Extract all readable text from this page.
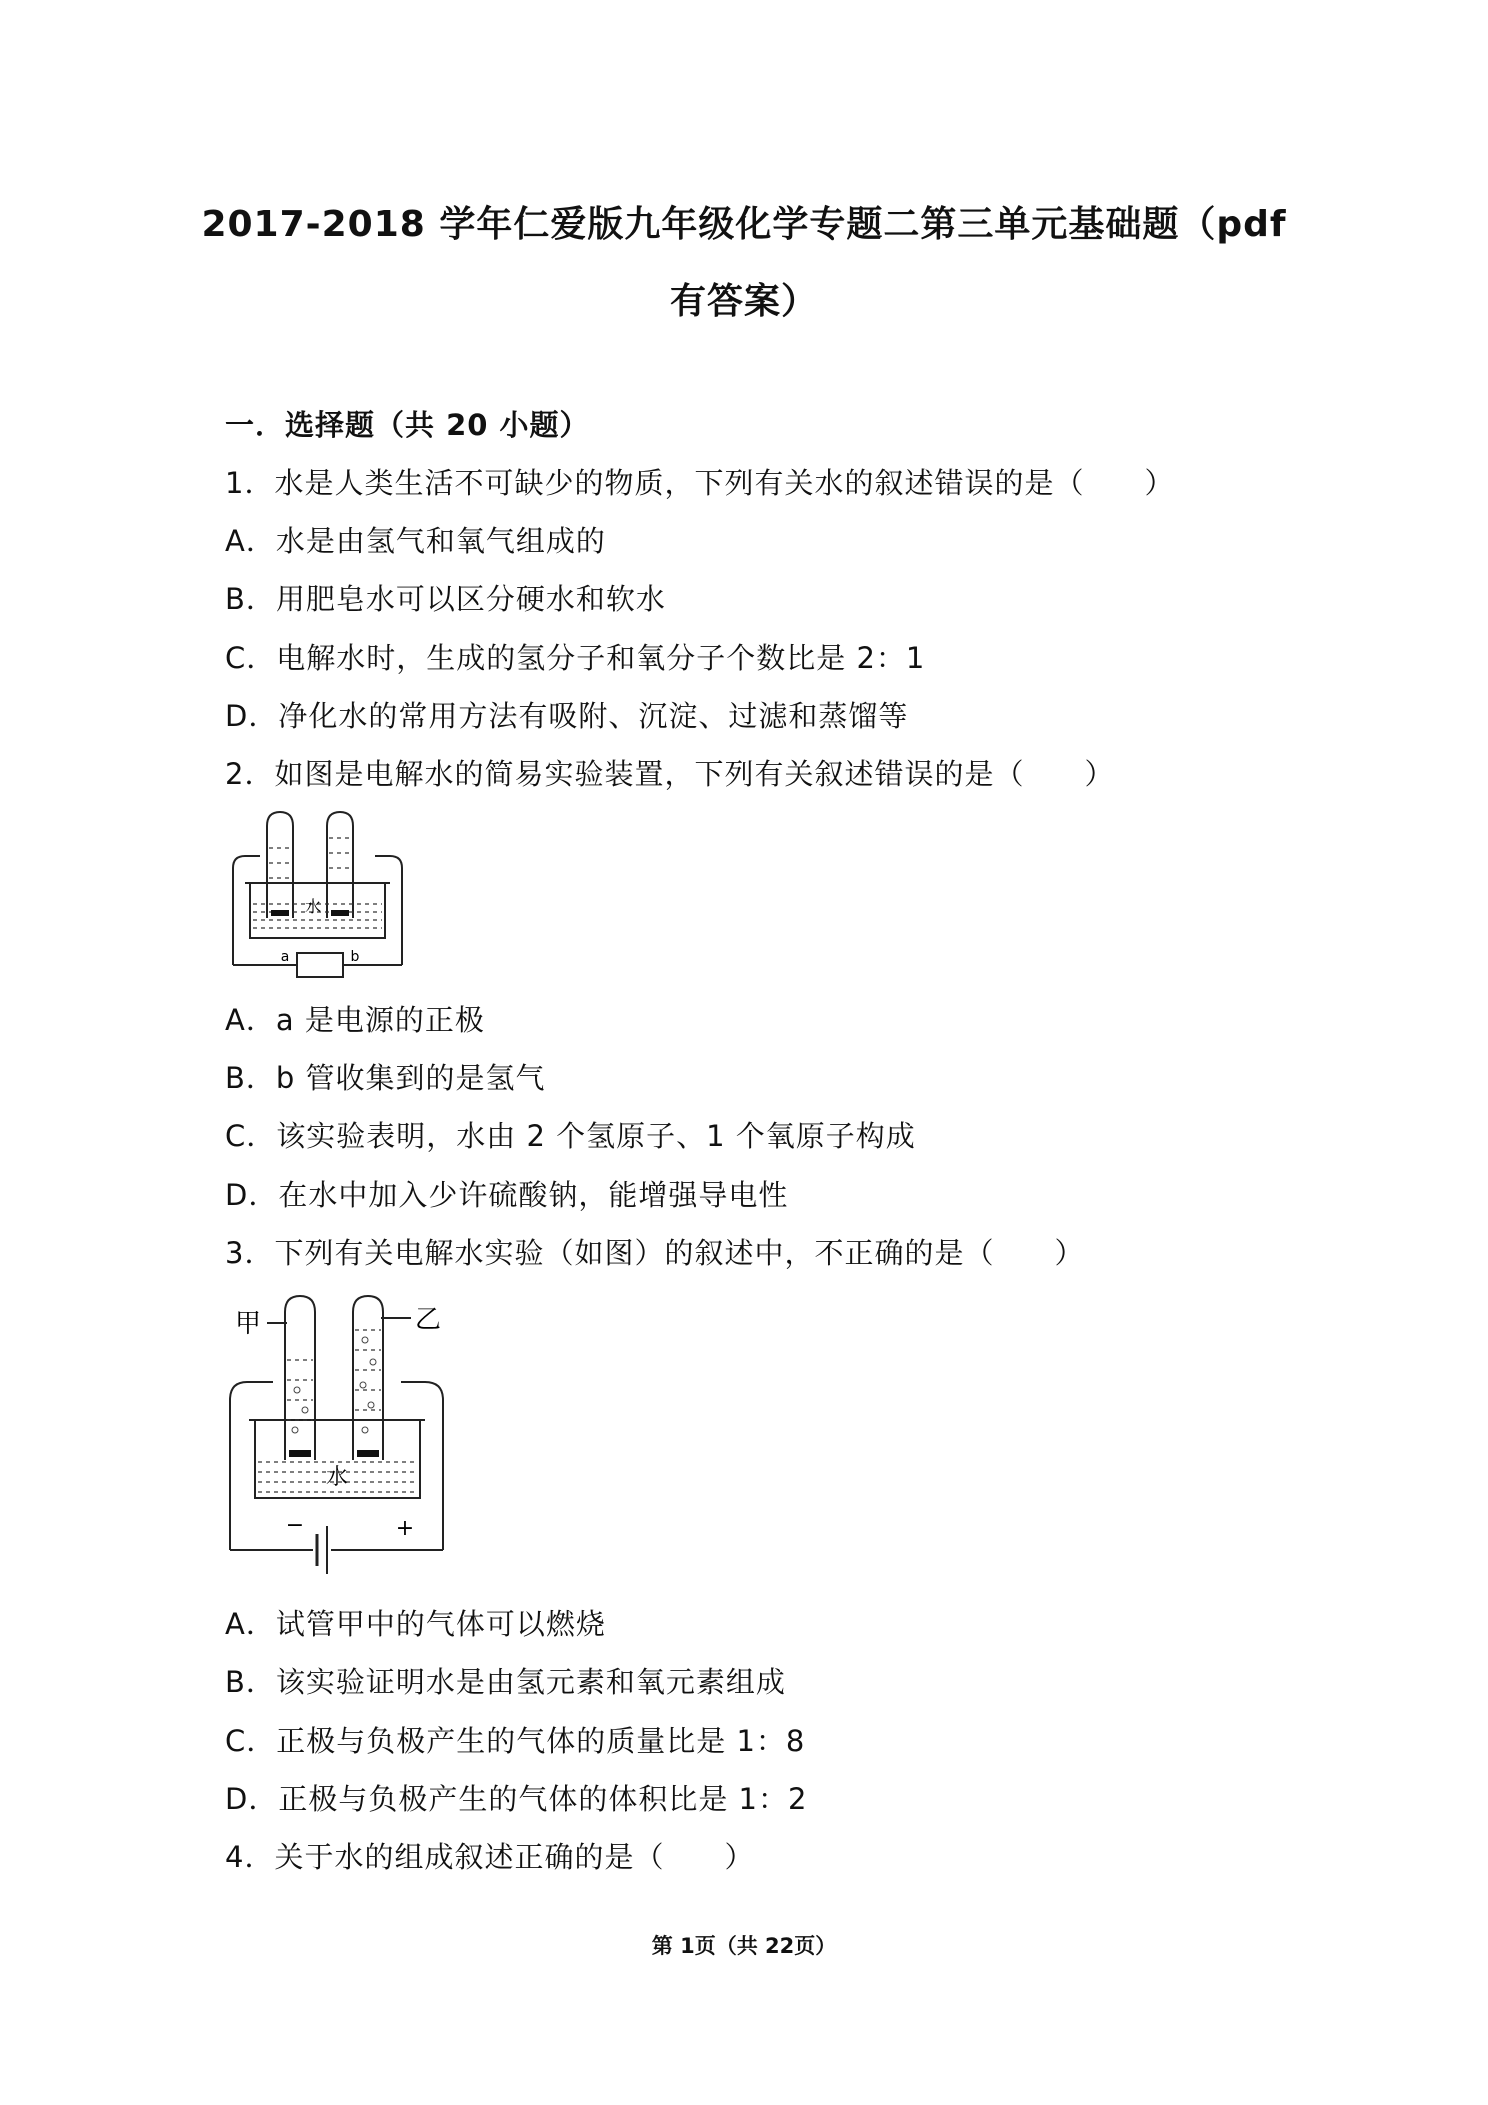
2017-2018 学年仁爱版九年级化学专题二第三单元基础题（pdf
有答案）

一．选择题（共 20 小题）

1．水是人类生活不可缺少的物质，下列有关水的叙述错误的是（　　）

A．水是由氢气和氧气组成的

B．用肥皂水可以区分硬水和软水

C．电解水时，生成的氢分子和氧分子个数比是 2：1

D．净化水的常用方法有吸附、沉淀、过滤和蒸馏等

2．如图是电解水的简易实验装置，下列有关叙述错误的是（　　）

水
a	b

A．a 是电源的正极

B．b 管收集到的是氢气

C．该实验表明，水由 2 个氢原子、1 个氧原子构成

D．在水中加入少许硫酸钠，能增强导电性

3．下列有关电解水实验（如图）的叙述中，不正确的是（　　）

甲	乙
水
−	+

A．试管甲中的气体可以燃烧

B．该实验证明水是由氢元素和氧元素组成

C．正极与负极产生的气体的质量比是 1：8

D．正极与负极产生的气体的体积比是 1：2

4．关于水的组成叙述正确的是（　　）

第 1页（共 22页）
